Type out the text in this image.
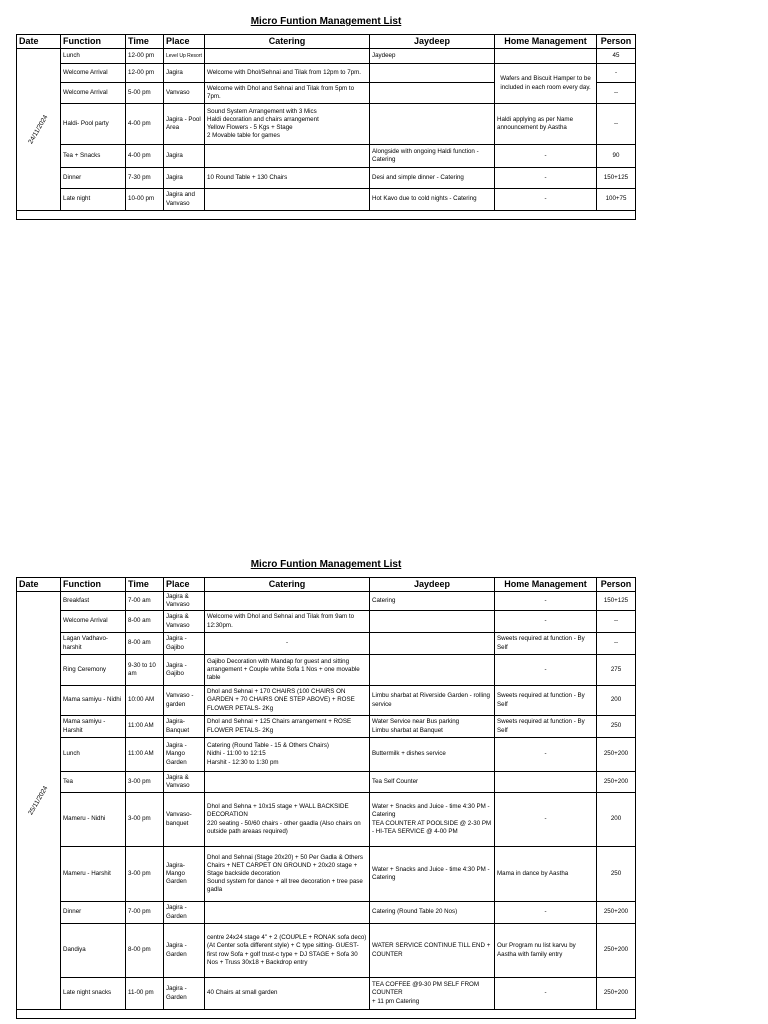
Micro Funtion Management List
Date	Function	Time	Place	Catering	Jaydeep	Home Management	Person

24/11/2024	Lunch	12-00 pm	Level Up Resort		Jaydeep		45
	Welcome Arrival	12-00 pm	Jagira	Welcome with Dhol/Sehnai and Tilak from 12pm to 7pm.		Wafers and Biscuit Hamper to be included in each room every day.	-
	Welcome Arrival	5-00 pm	Vanvaso	Welcome with Dhol and Sehnai and Tilak from 5pm to 7pm.			--
	Haldi- Pool party	4-00 pm	Jagira - Pool Area	Sound System Arrangement with 3 Mics
Haldi decoration and chairs arrangement
Yellow Flowers - 5 Kgs + Stage
2 Movable table for games		Haldi applying as per Name announcement by Aastha	--
	Tea + Snacks	4-00 pm	Jagira		Alongside with ongoing Haldi function - Catering	-	90
	Dinner	7-30 pm	Jagira	10 Round Table + 130 Chairs	Desi and simple dinner - Catering	-	150+125
	Late night	10-00 pm	Jagira and Vanvaso		Hot Kavo due to cold nights - Catering	-	100+75

Micro Funtion Management List
Date	Function	Time	Place	Catering	Jaydeep	Home Management	Person

25/11/2024	Breakfast	7-00 am	Jagira & Vanvaso		Catering	-	150+125
	Welcome Arrival	8-00 am	Jagira & Vanvaso	Welcome with Dhol and Sehnai and Tilak from 9am to 12:30pm.		-	--
	Lagan Vadhavo- harshit	8-00 am	Jagira - Gajibo	-		Sweets required at function - By Self	--
	Ring Ceremony	9-30 to 10 am	Jagira - Gajibo	Gajibo Decoration with Mandap for guest and sitting arrangement + Couple white Sofa 1 Nos + one movable table		-	275
	Mama samiyu - Nidhi	10:00 AM	Vanvaso - garden	Dhol and Sehnai + 170 CHAIRS (100 CHAIRS ON GARDEN + 70 CHAIRS ONE STEP ABOVE) + ROSE FLOWER PETALS- 2Kg	Limbu sharbat at Riverside Garden - rolling service	Sweets required at function - By Self	200
	Mama samiyu - Harshit	11:00 AM	Jagira- Banquet	Dhol and Sehnai + 125 Chairs arrangement + ROSE FLOWER PETALS- 2Kg	Water Service near Bus parking
Limbu sharbat at Banquet	Sweets required at function - By Self	250
	Lunch	11:00 AM	Jagira - Mango Garden	Catering (Round Table - 15 & Others Chairs)
Nidhi - 11:00 to 12:15
Harshit - 12:30 to 1:30 pm	Buttermilk + dishes service	-	250+200
	Tea	3-00 pm	Jagira & Vanvaso		Tea Self Counter		250+200
	Mameru - Nidhi	3-00 pm	Vanvaso- banquet	Dhol and Sehna + 10x15 stage + WALL BACKSIDE DECORATION
220 seating - 50/60 chairs - other gaadla (Also chairs on outside path areaas required)	Water + Snacks and Juice - time 4:30 PM - Catering
TEA COUNTER AT POOLSIDE @ 2-30 PM
- HI-TEA SERVICE @ 4-00 PM	-	200
	Mameru - Harshit	3-00 pm	Jagira- Mango Garden	Dhol and Sehnai (Stage 20x20) + 50 Per Gadla & Others Chairs + NET CARPET ON GROUND + 20x20 stage + Stage backside decoration
Sound system for dance + all tree decoration + tree pase gadla	Water + Snacks and Juice - time 4:30 PM - Catering	Mama in dance by Aastha	250
	Dinner	7-00 pm	Jagira - Garden		Catering (Round Table 20 Nos)	-	250+200
	Dandiya	8-00 pm	Jagira - Garden	centre 24x24 stage 4" + 2 (COUPLE + RONAK sofa deco) (At Center sofa different style) + C type sitting- GUEST- first row Sofa + golf trust-c type + DJ STAGE + Sofa 30 Nos + Truss 30x18 + Backdrop entry	WATER SERVICE CONTINUE TILL END + COUNTER	Our Program nu list karvu by Aastha with family entry	250+200
	Late night snacks	11-00 pm	Jagira - Garden	40 Chairs at small garden	TEA COFFEE @9-30 PM SELF FROM COUNTER
+ 11 pm Catering	-	250+200
